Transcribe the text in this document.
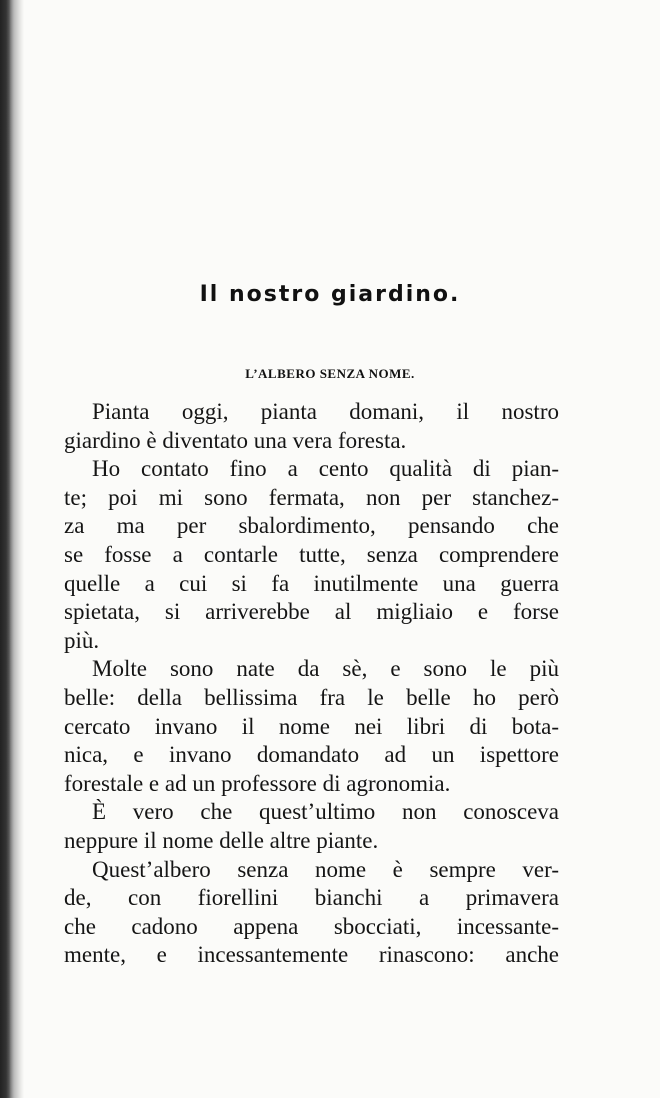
Il nostro giardino.
L’ALBERO SENZA NOME.
Pianta oggi, pianta domani, il nostro
giardino è diventato una vera foresta.
Ho contato fino a cento qualità di pian-
te; poi mi sono fermata, non per stanchez-
za ma per sbalordimento, pensando che
se fosse a contarle tutte, senza comprendere
quelle a cui si fa inutilmente una guerra
spietata, si arriverebbe al migliaio e forse
più.
Molte sono nate da sè, e sono le più
belle: della bellissima fra le belle ho però
cercato invano il nome nei libri di bota-
nica, e invano domandato ad un ispettore
forestale e ad un professore di agronomia.
È vero che quest’ultimo non conosceva
neppure il nome delle altre piante.
Quest’albero senza nome è sempre ver-
de, con fiorellini bianchi a primavera
che cadono appena sbocciati, incessante-
mente, e incessantemente rinascono: anche
